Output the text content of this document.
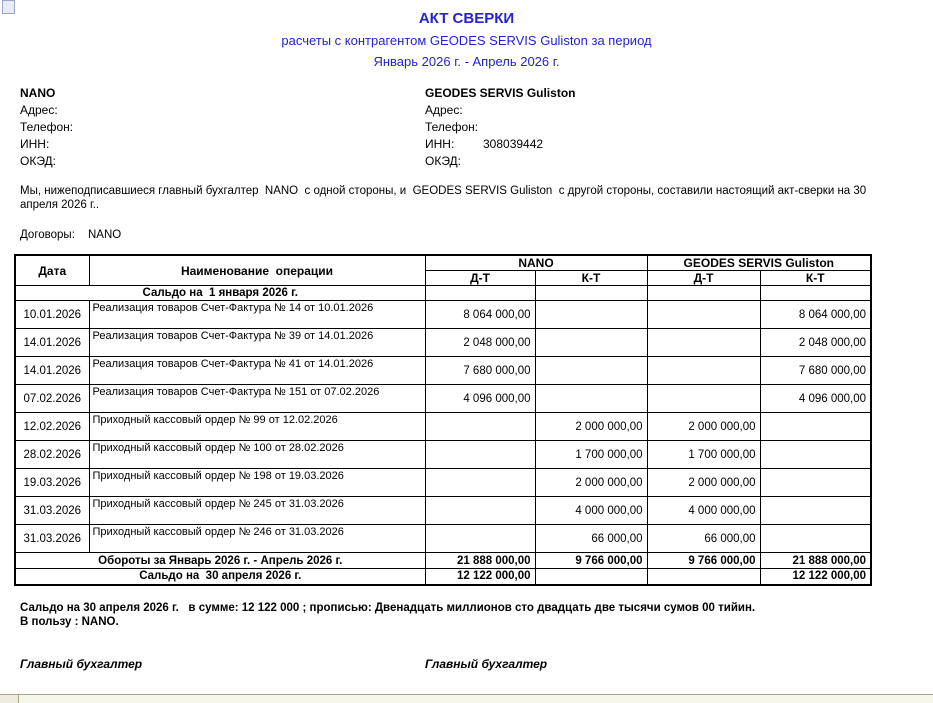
АКТ СВЕРКИ
расчеты с контрагентом GEODES SERVIS Guliston за период
Январь 2026 г. - Апрель 2026 г.
NANO
Адрес:
Телефон:
ИНН:
ОКЭД:
GEODES SERVIS Guliston
Адрес:
Телефон:
ИНН: 308039442
ОКЭД:
Мы, нижеподписавшиеся главный бухгалтер  NANO  с одной стороны, и  GEODES SERVIS Guliston  с другой стороны, составили настоящий акт-сверки на 30 апреля 2026 г..
Договоры: NANO
Дата	Наименование  операции	NANO		GEODES SERVIS Guliston	
		Д-Т	К-Т	Д-Т	К-Т
Сальдо на  1 января 2026 г.					
10.01.2026	Реализация товаров Счет-Фактура № 14 от 10.01.2026	8 064 000,00			8 064 000,00
14.01.2026	Реализация товаров Счет-Фактура № 39 от 14.01.2026	2 048 000,00			2 048 000,00
14.01.2026	Реализация товаров Счет-Фактура № 41 от 14.01.2026	7 680 000,00			7 680 000,00
07.02.2026	Реализация товаров Счет-Фактура № 151 от 07.02.2026	4 096 000,00			4 096 000,00
12.02.2026	Приходный кассовый ордер № 99 от 12.02.2026		2 000 000,00	2 000 000,00	
28.02.2026	Приходный кассовый ордер № 100 от 28.02.2026		1 700 000,00	1 700 000,00	
19.03.2026	Приходный кассовый ордер № 198 от 19.03.2026		2 000 000,00	2 000 000,00	
31.03.2026	Приходный кассовый ордер № 245 от 31.03.2026		4 000 000,00	4 000 000,00	
31.03.2026	Приходный кассовый ордер № 246 от 31.03.2026		66 000,00	66 000,00	
Обороты за Январь 2026 г. - Апрель 2026 г.		21 888 000,00	9 766 000,00	9 766 000,00	21 888 000,00
Сальдо на  30 апреля 2026 г.		12 122 000,00			12 122 000,00
Сальдо на 30 апреля 2026 г.   в сумме: 12 122 000 ; прописью: Двенадцать миллионов сто двадцать две тысячи сумов 00 тийин.
В пользу : NANO.
Главный бухгалтер	Главный бухгалтер
